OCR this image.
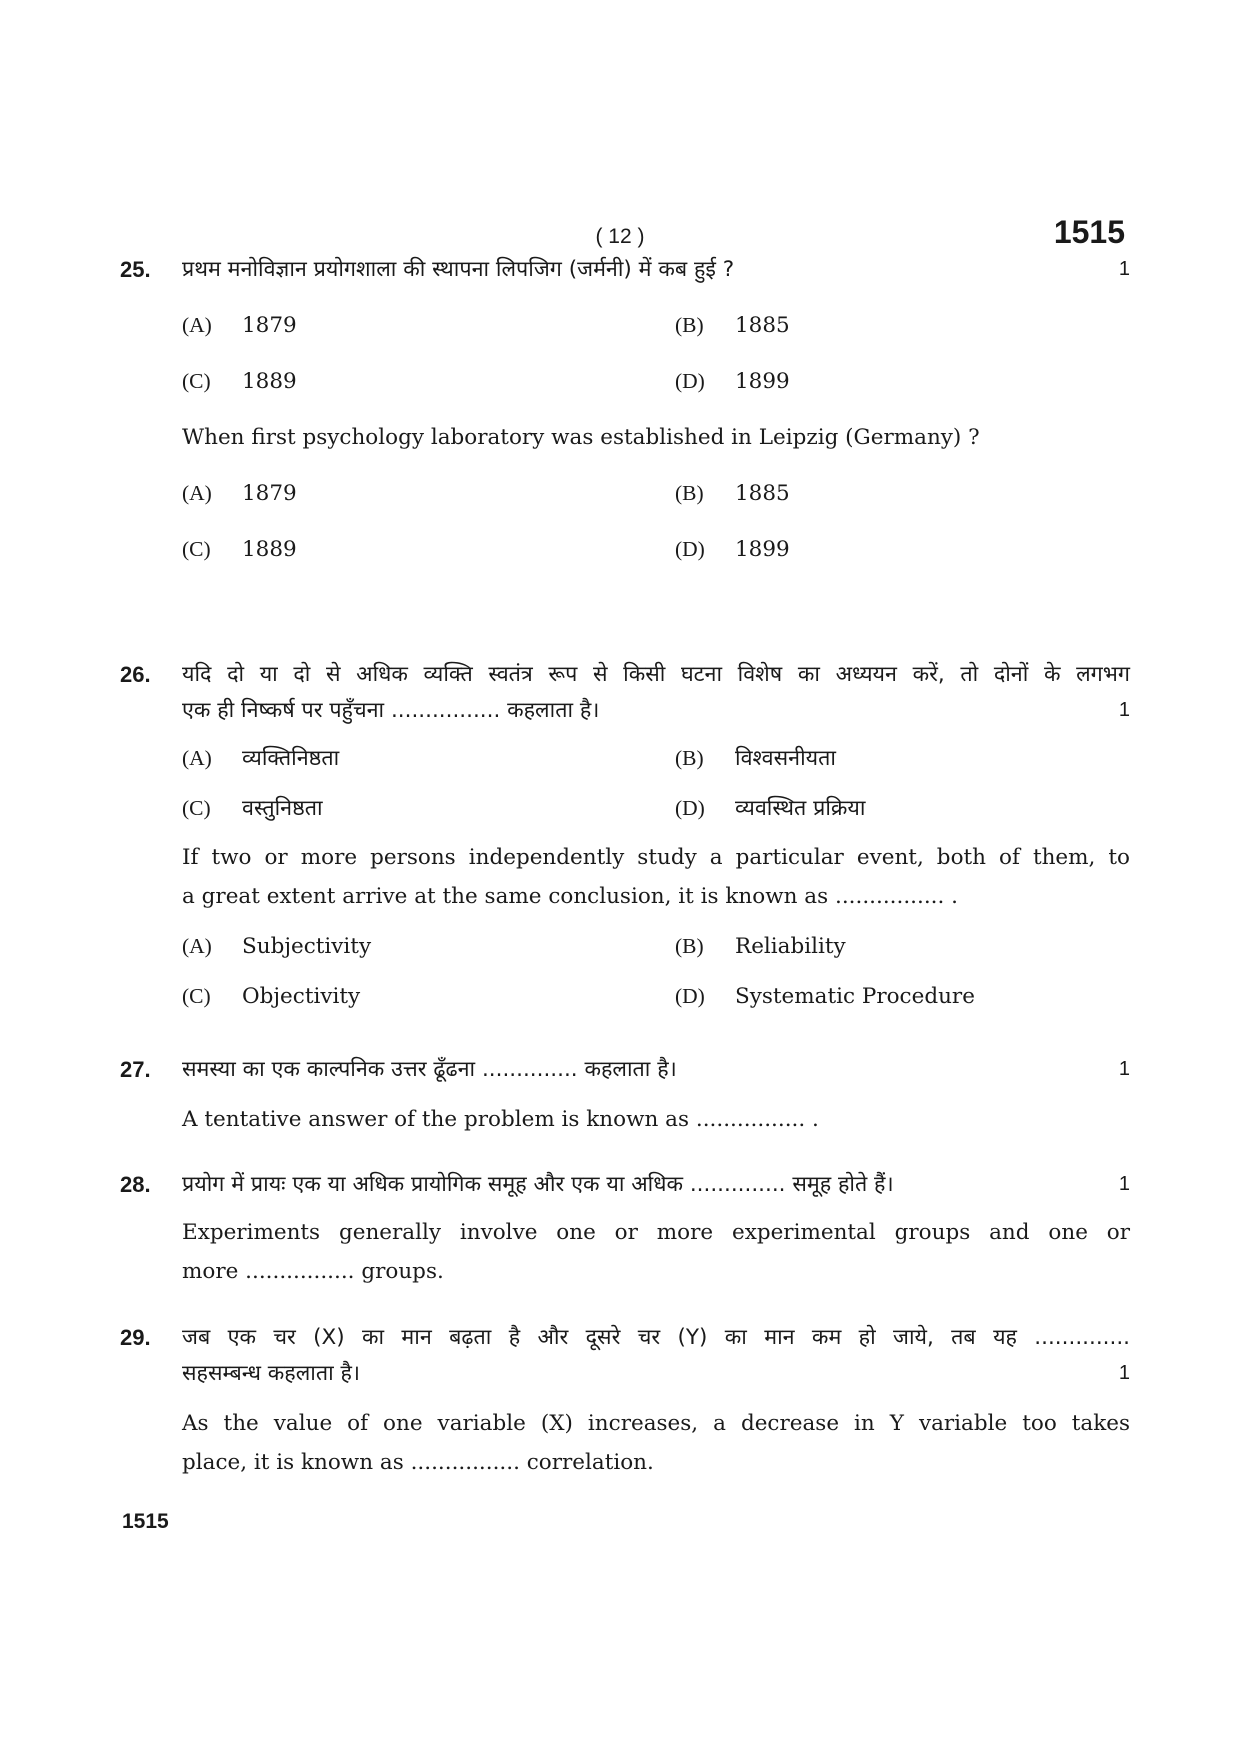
( 12 )	1515
25. प्रथम मनोविज्ञान प्रयोगशाला की स्थापना लिपजिग (जर्मनी) में कब हुई ?	1
(A) 1879	(B) 1885
(C) 1889	(D) 1899
When first psychology laboratory was established in Leipzig (Germany) ?
(A) 1879	(B) 1885
(C) 1889	(D) 1899
26. यदि दो या दो से अधिक व्यक्ति स्वतंत्र रूप से किसी घटना विशेष का अध्ययन करें, तो दोनों के लगभग
एक ही निष्कर्ष पर पहुँचना ................ कहलाता है।	1
(A) व्यक्तिनिष्ठता	(B) विश्वसनीयता
(C) वस्तुनिष्ठता	(D) व्यवस्थित प्रक्रिया
If two or more persons independently study a particular event, both of them, to
a great extent arrive at the same conclusion, it is known as ................ .
(A) Subjectivity	(B) Reliability
(C) Objectivity	(D) Systematic Procedure
27. समस्या का एक काल्पनिक उत्तर ढूँढना .............. कहलाता है।	1
A tentative answer of the problem is known as ................ .
28. प्रयोग में प्रायः एक या अधिक प्रायोगिक समूह और एक या अधिक .............. समूह होते हैं।	1
Experiments generally involve one or more experimental groups and one or
more ................ groups.
29. जब एक चर (X) का मान बढ़ता है और दूसरे चर (Y) का मान कम हो जाये, तब यह ..............
सहसम्बन्ध कहलाता है।	1
As the value of one variable (X) increases, a decrease in Y variable too takes
place, it is known as ................ correlation.
1515
